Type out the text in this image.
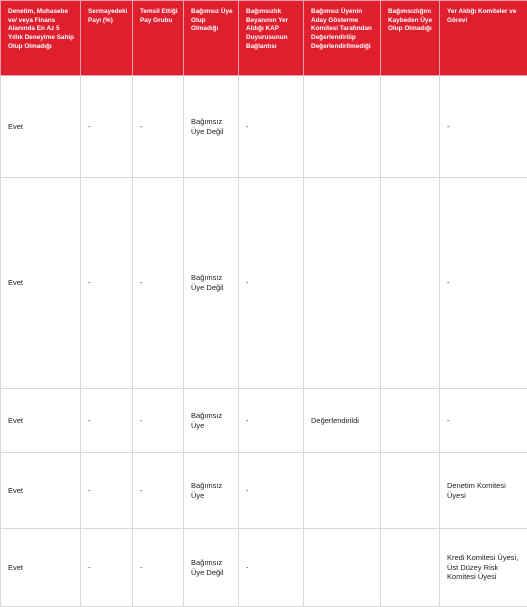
Denetim, Muhasebe ve/ veya Finans Alanında En Az 5 Yıllık Deneyime Sahip Olup Olmadığı	Sermayedeki Payı (%)	Temsil Ettiği Pay Grubu	Bağımsız Üye Olup Olmadığı	Bağımsızlık Beyanının Yer Aldığı KAP Duyurusunun Bağlantısı	Bağımsız Üyenin Aday Gösterme Komitesi Tarafından Değerlendirilip Değerlendirilmediği	Bağımsızlığını Kaybeden Üye Olup Olmadığı	Yer Aldığı Komiteler ve Görevi
Evet	-	-	Bağımsız Üye Değil	-			-
Evet	-	-	Bağımsız Üye Değil	-			-
Evet	-	-	Bağımsız Üye	-	Değerlendirildi		-
Evet	-	-	Bağımsız Üye	-			Denetim Komitesi Üyesi
Evet	-	-	Bağımsız Üye Değil	-			Kredi Komitesi Üyesi, Üst Düzey Risk Komitesi Üyesi
